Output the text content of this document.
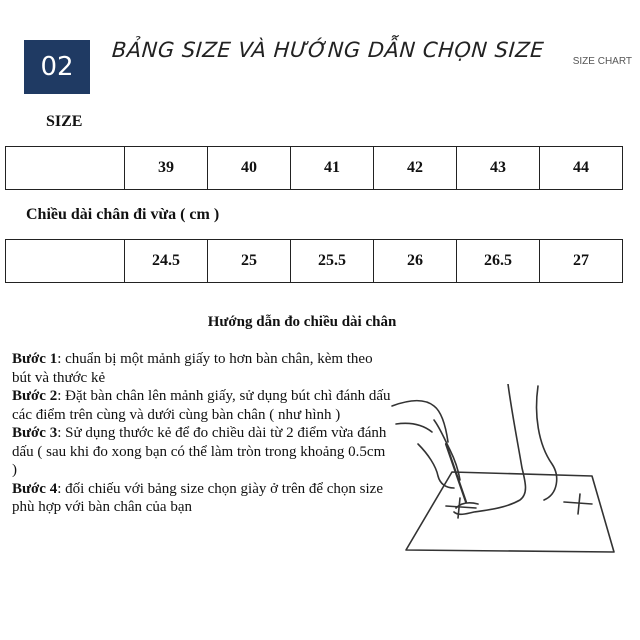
02
BẢNG SIZE VÀ HƯỚNG DẪN CHỌN SIZE	SIZE CHART
SIZE
	39	40	41	42	43	44
Chiều dài chân đi vừa ( cm )
	24.5	25	25.5	26	26.5	27
Hướng dẫn đo chiều dài chân

Bước 1: chuẩn bị một mảnh giấy to hơn bàn chân, kèm theo bút và thước kẻ

Bước 2: Đặt bàn chân lên mảnh giấy, sử dụng bút chì đánh dấu các điểm trên cùng và dưới cùng bàn chân ( như hình )

Bước 3: Sử dụng thước kẻ để đo chiều dài từ 2 điểm vừa đánh dấu ( sau khi đo xong bạn có thể làm tròn trong khoảng 0.5cm )

Bước 4: đối chiếu với bảng size chọn giày ở trên để chọn size phù hợp với bàn chân của bạn
